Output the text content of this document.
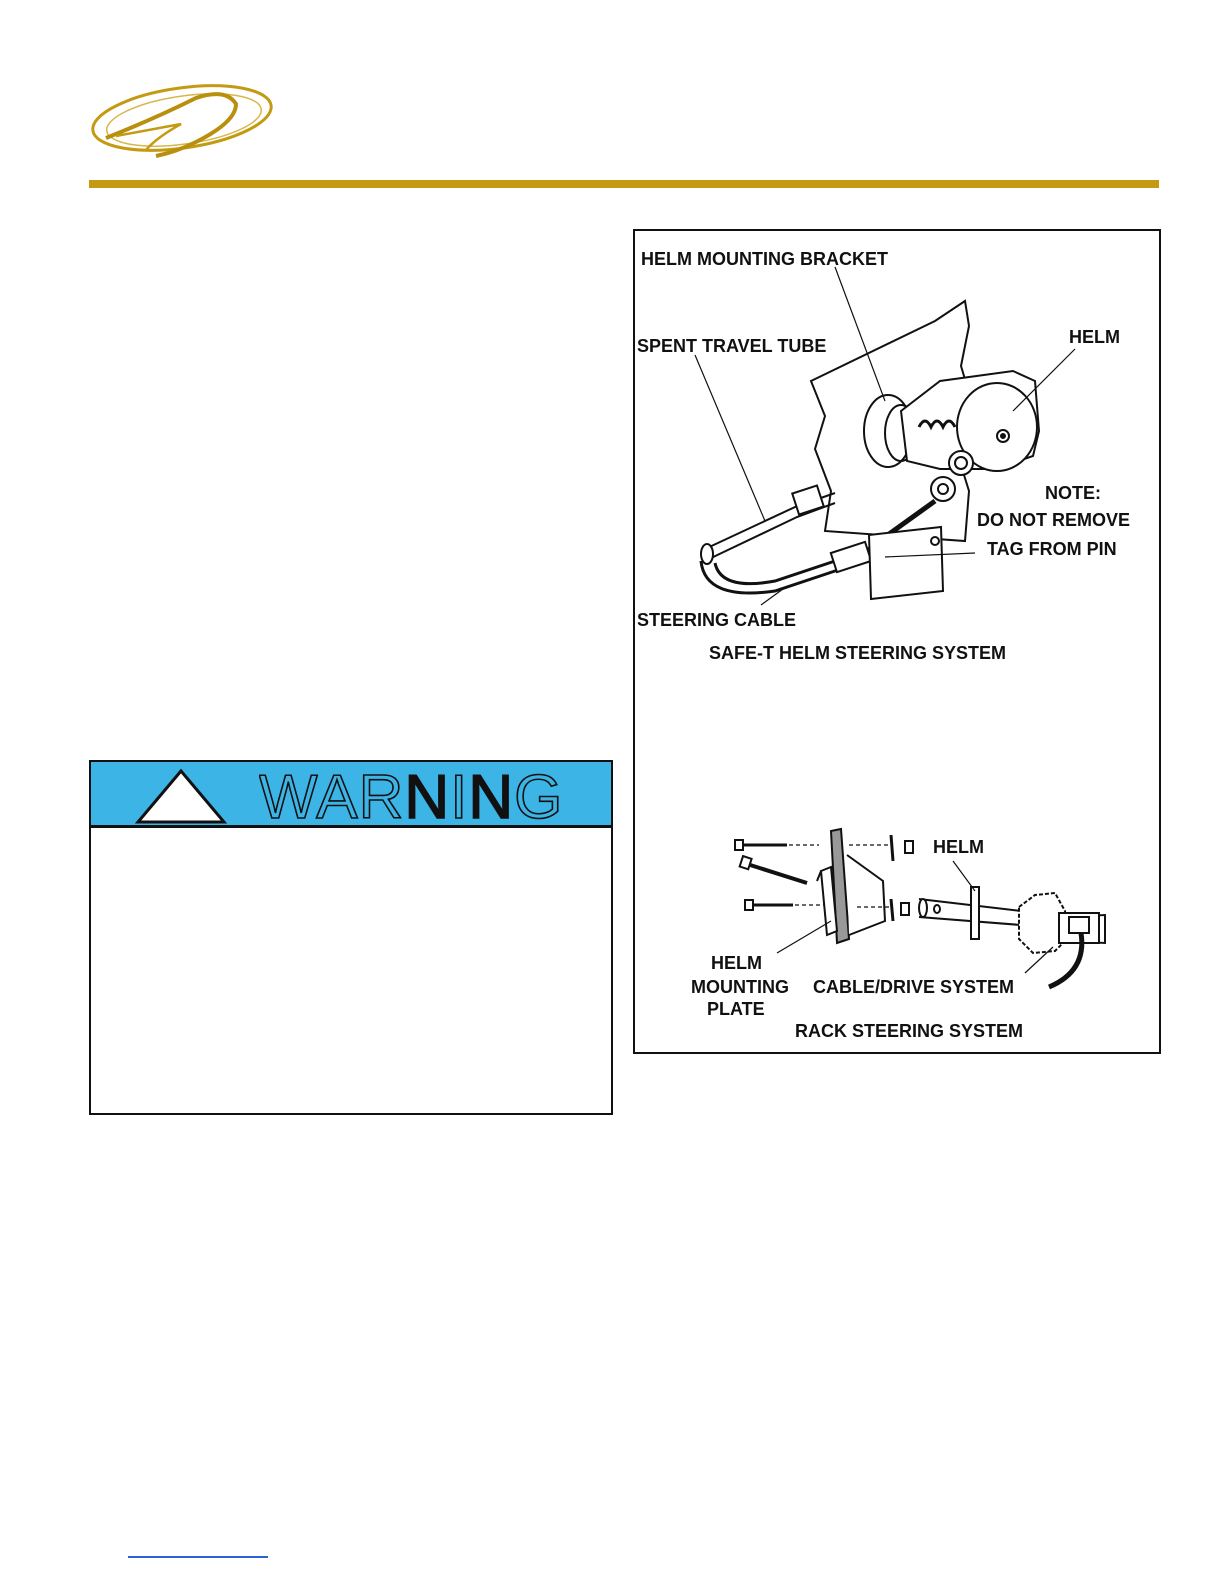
WARNING
HELM MOUNTING BRACKET
SPENT TRAVEL TUBE	HELM
NOTE:
DO NOT REMOVE
TAG FROM PIN
STEERING CABLE
SAFE-T HELM STEERING SYSTEM
HELM
HELM
MOUNTING
PLATE
CABLE/DRIVE SYSTEM
RACK STEERING SYSTEM
